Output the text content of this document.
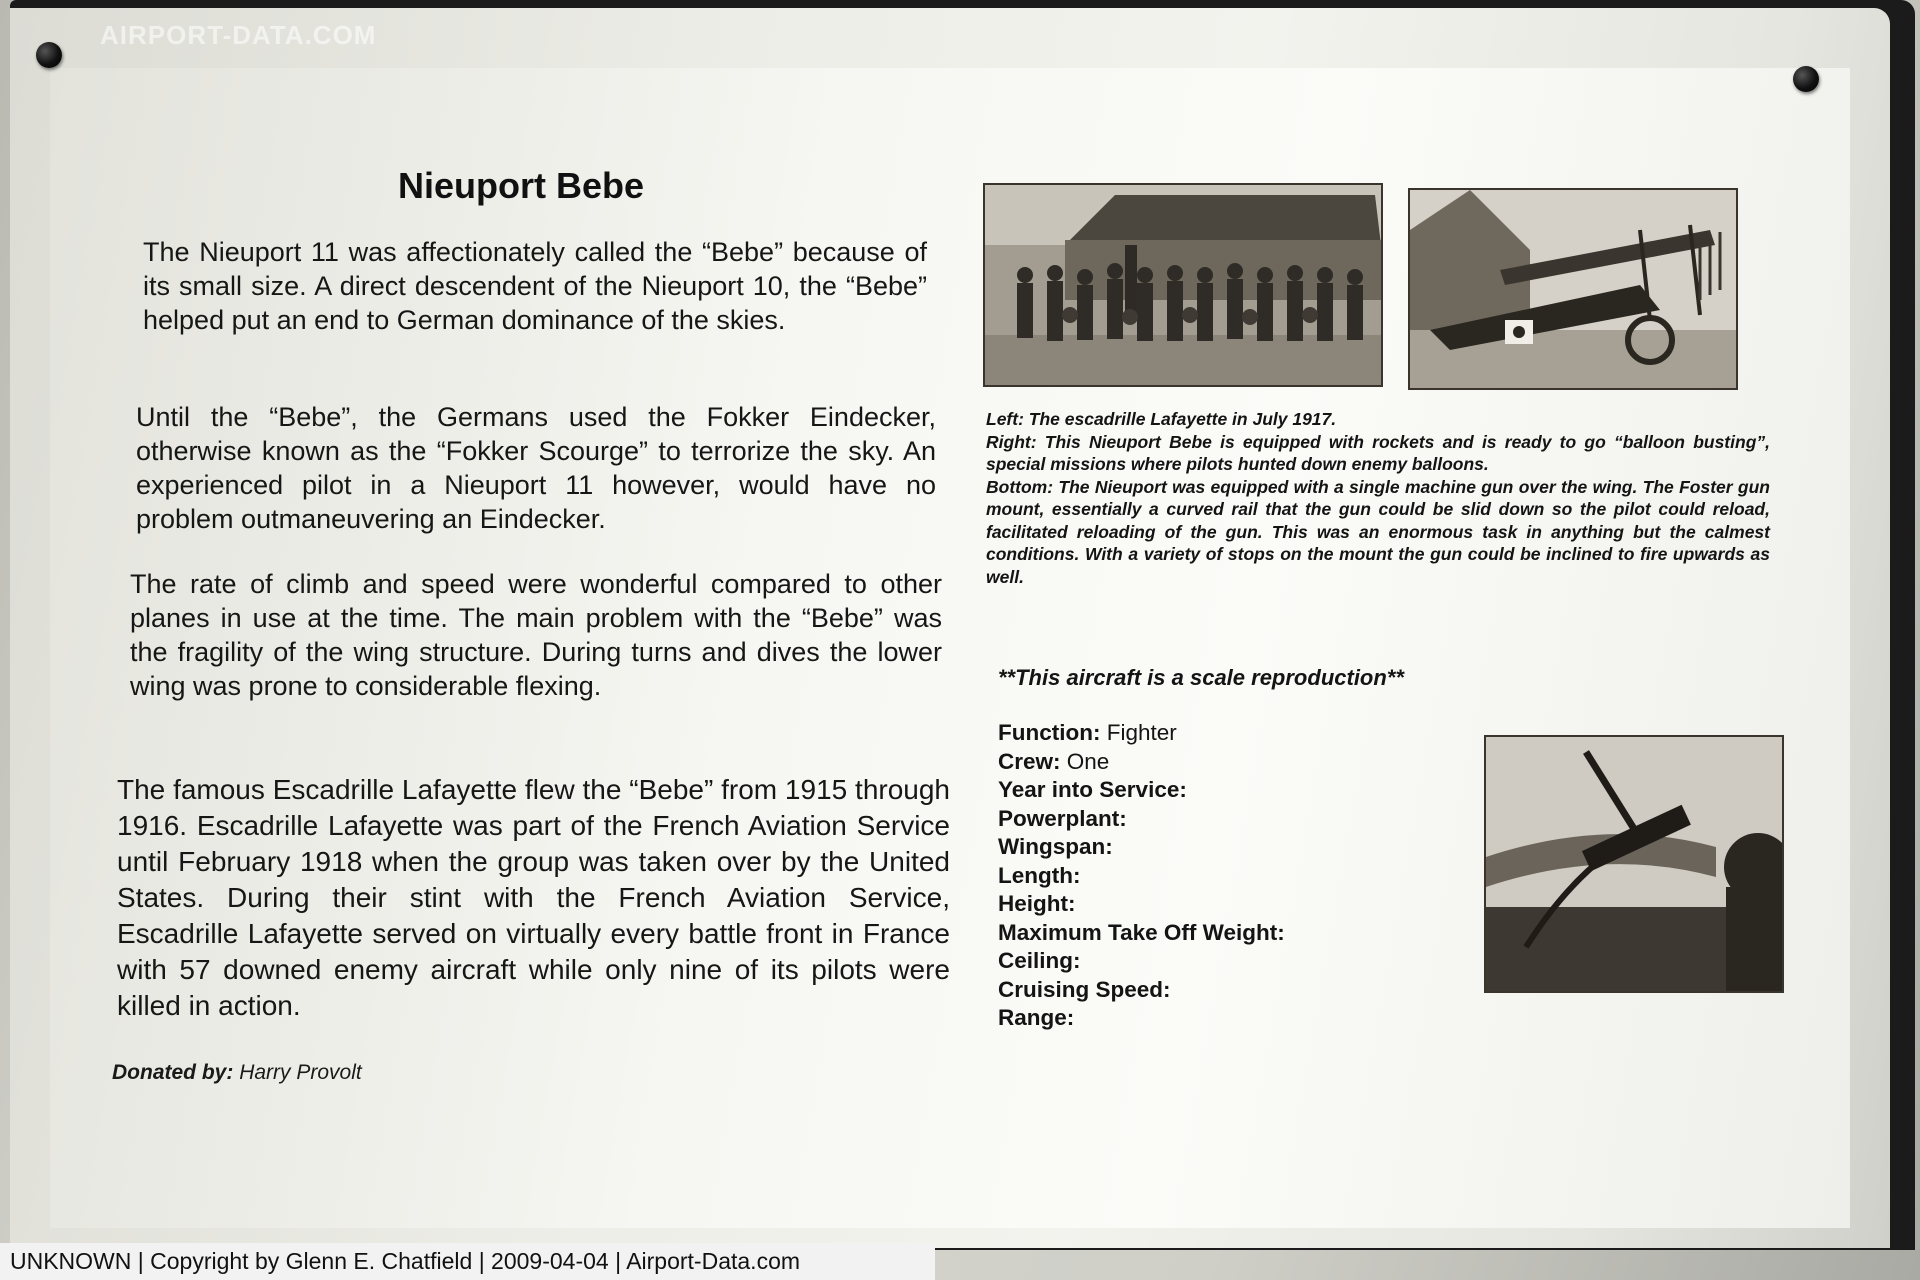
AIRPORT-DATA.COM
Nieuport Bebe

The Nieuport 11 was affectionately called the “Bebe” because of its small size. A direct descendent of the Nieuport 10, the “Bebe” helped put an end to German dominance of the skies.

Until the “Bebe”, the Germans used the Fokker Eindecker, otherwise known as the “Fokker Scourge” to terrorize the sky. An experienced pilot in a Nieuport 11 however, would have no problem outmaneuvering an Eindecker.

The rate of climb and speed were wonderful compared to other planes in use at the time. The main problem with the “Bebe” was the fragility of the wing structure. During turns and dives the lower wing was prone to considerable flexing.

The famous Escadrille Lafayette flew the “Bebe” from 1915 through 1916. Escadrille Lafayette was part of the French Aviation Service until February 1918 when the group was taken over by the United States. During their stint with the French Aviation Service, Escadrille Lafayette served on virtually every battle front in France with 57 downed enemy aircraft while only nine of its pilots were killed in action.

Donated by: Harry Provolt

Left: The escadrille Lafayette in July 1917.

Right: This Nieuport Bebe is equipped with rockets and is ready to go “balloon busting”, special missions where pilots hunted down enemy balloons.

Bottom: The Nieuport was equipped with a single machine gun over the wing. The Foster gun mount, essentially a curved rail that the gun could be slid down so the pilot could reload, facilitated reloading of the gun. This was an enormous task in anything but the calmest conditions. With a variety of stops on the mount the gun could be inclined to fire upwards as well.

**This aircraft is a scale reproduction**
Function: Fighter
Crew: One
Year into Service:
Powerplant:
Wingspan:
Length:
Height:
Maximum Take Off Weight:
Ceiling:
Cruising Speed:
Range:
UNKNOWN | Copyright by Glenn E. Chatfield | 2009-04-04 | Airport-Data.com
